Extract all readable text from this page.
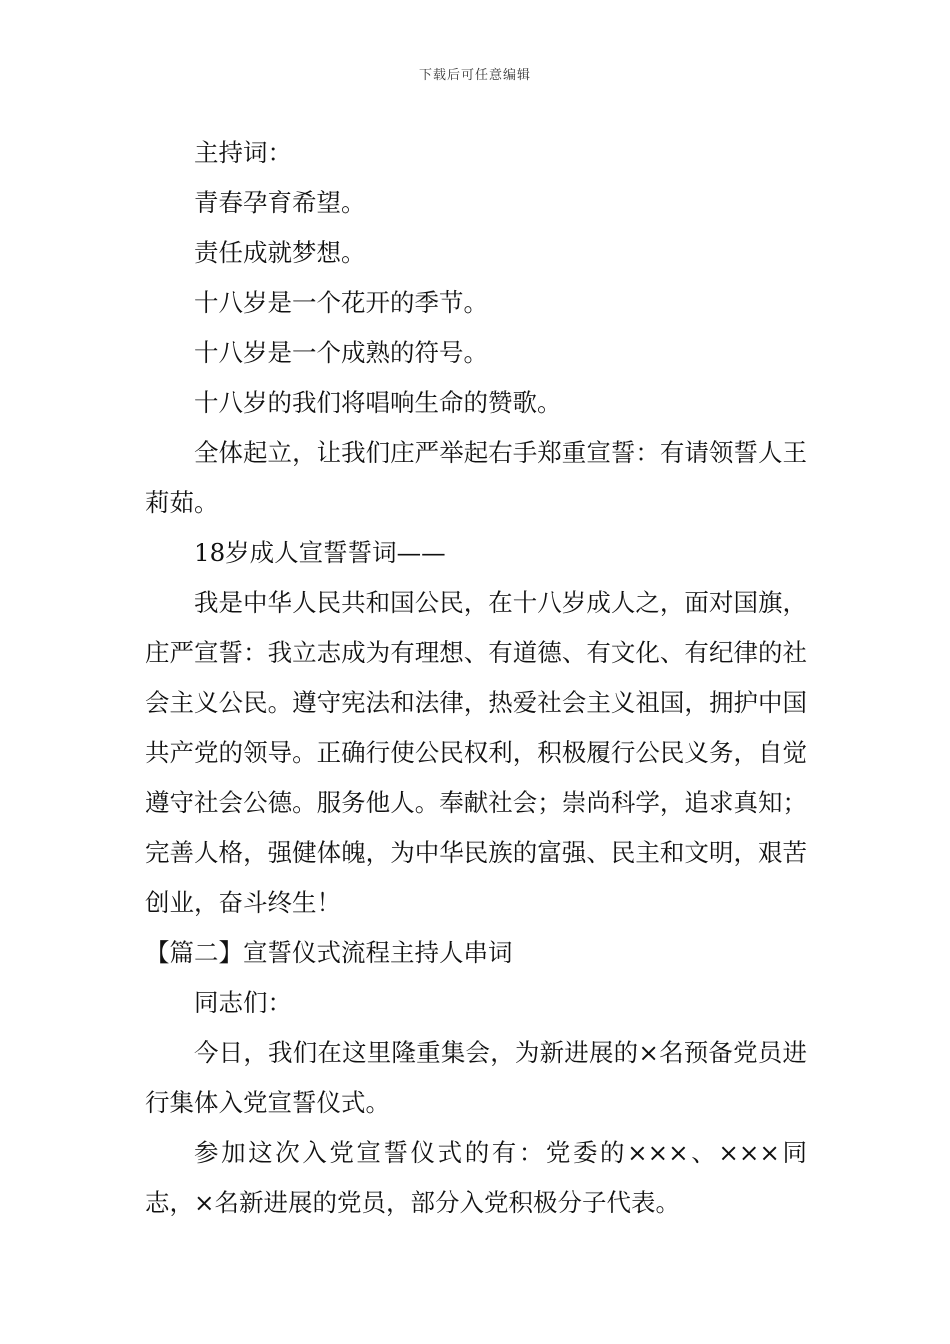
下载后可任意编辑

主持词：

青春孕育希望。

责任成就梦想。

十八岁是一个花开的季节。

十八岁是一个成熟的符号。

十八岁的我们将唱响生命的赞歌。

全体起立，让我们庄严举起右手郑重宣誓：有请领誓人王莉茹。

18岁成人宣誓誓词——

我是中华人民共和国公民，在十八岁成人之，面对国旗，庄严宣誓：我立志成为有理想、有道德、有文化、有纪律的社会主义公民。遵守宪法和法律，热爱社会主义祖国，拥护中国共产党的领导。正确行使公民权利，积极履行公民义务，自觉遵守社会公德。服务他人。奉献社会；崇尚科学，追求真知；完善人格，强健体魄，为中华民族的富强、民主和文明，艰苦创业，奋斗终生！

【篇二】宣誓仪式流程主持人串词

同志们：

今日，我们在这里隆重集会，为新进展的×名预备党员进行集体入党宣誓仪式。

参加这次入党宣誓仪式的有：党委的×××、×××同志，×名新进展的党员，部分入党积极分子代表。
